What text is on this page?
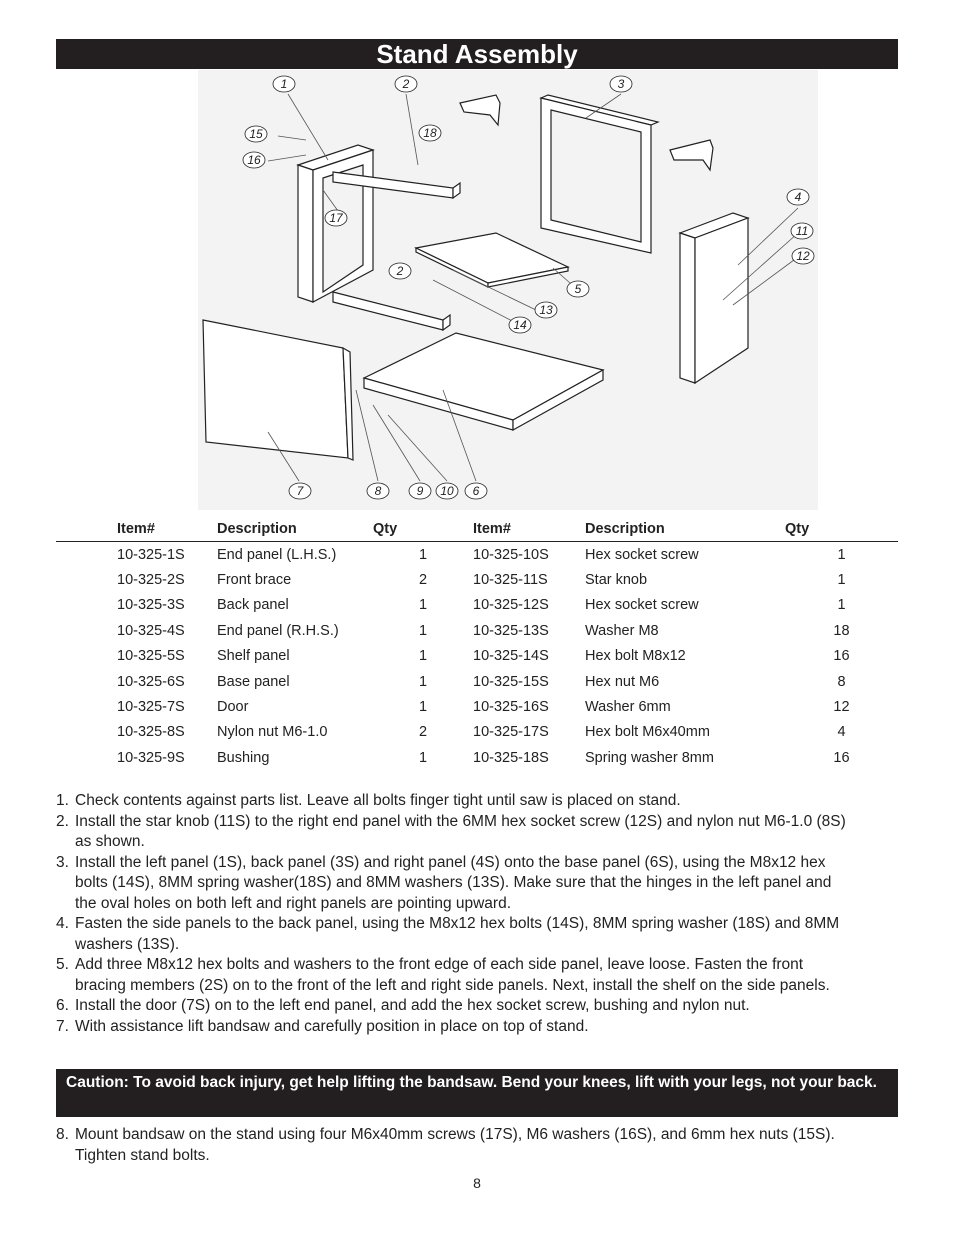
Stand Assembly
1	2	3
15	18
16
17
4
11
12
2
5
13
14
7	8	9 10 6
	Item#	Description	Qty	Item#	Description	Qty
	10-325-1S	End panel (L.H.S.)	1	10-325-10S	Hex socket screw	1
	10-325-2S	Front brace	2	10-325-11S	Star knob	1
	10-325-3S	Back panel	1	10-325-12S	Hex socket screw	1
	10-325-4S	End panel (R.H.S.)	1	10-325-13S	Washer M8	18
	10-325-5S	Shelf panel	1	10-325-14S	Hex bolt M8x12	16
	10-325-6S	Base panel	1	10-325-15S	Hex nut M6	8
	10-325-7S	Door	1	10-325-16S	Washer 6mm	12
	10-325-8S	Nylon nut M6-1.0	2	10-325-17S	Hex bolt M6x40mm	4
	10-325-9S	Bushing	1	10-325-18S	Spring washer 8mm	16
1. Check contents against parts list. Leave all bolts finger tight until saw is placed on stand.
2. Install the star knob (11S) to the right end panel with the 6MM hex socket screw (12S) and nylon nut M6-1.0 (8S) as shown.
3. Install the left panel (1S), back panel (3S) and right panel (4S) onto the base panel (6S), using the M8x12 hex bolts (14S), 8MM spring washer(18S) and 8MM washers (13S). Make sure that the hinges in the left panel and the oval holes on both left and right panels are pointing upward.
4. Fasten the side panels to the back panel, using the M8x12 hex bolts (14S), 8MM spring washer (18S) and 8MM washers (13S).
5. Add three M8x12 hex bolts and washers to the front edge of each side panel, leave loose. Fasten the front bracing members (2S) on to the front of the left and right side panels. Next, install the shelf on the side panels.
6. Install the door (7S) on to the left end panel, and add the hex socket screw, bushing and nylon nut.
7. With assistance lift bandsaw and carefully position in place on top of stand.
Caution: To avoid back injury, get help lifting the bandsaw. Bend your knees, lift with your legs, not your back.
8. Mount bandsaw on the stand using four M6x40mm screws (17S), M6 washers (16S), and 6mm hex nuts (15S). Tighten stand bolts.
8
